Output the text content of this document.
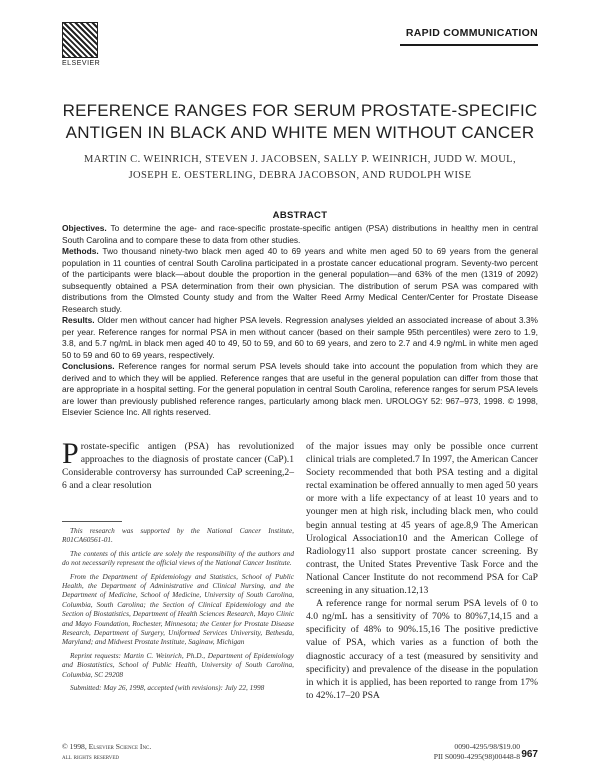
ELSEVIER
RAPID COMMUNICATION
REFERENCE RANGES FOR SERUM PROSTATE-SPECIFIC
ANTIGEN IN BLACK AND WHITE MEN WITHOUT CANCER
MARTIN C. WEINRICH, STEVEN J. JACOBSEN, SALLY P. WEINRICH, JUDD W. MOUL,
JOSEPH E. OESTERLING, DEBRA JACOBSON, AND RUDOLPH WISE
ABSTRACT

Objectives. To determine the age- and race-specific prostate-specific antigen (PSA) distributions in healthy men in central South Carolina and to compare these to data from other studies.

Methods. Two thousand ninety-two black men aged 40 to 69 years and white men aged 50 to 69 years from the general population in 11 counties of central South Carolina participated in a prostate cancer educational program. Seventy-two percent of the participants were black—about double the proportion in the general population—and 63% of the men (1319 of 2092) subsequently obtained a PSA determination from their own physician. The distribution of serum PSA was compared with distributions from the Olmsted County study and from the Walter Reed Army Medical Center/Center for Prostate Disease Research study.

Results. Older men without cancer had higher PSA levels. Regression analyses yielded an associated increase of about 3.3% per year. Reference ranges for normal PSA in men without cancer (based on their sample 95th percentiles) were zero to 1.9, 3.8, and 5.7 ng/mL in black men aged 40 to 49, 50 to 59, and 60 to 69 years, and zero to 2.7 and 4.9 ng/mL in white men aged 50 to 59 and 60 to 69 years, respectively.

Conclusions. Reference ranges for normal serum PSA levels should take into account the population from which they are derived and to which they will be applied. Reference ranges that are useful in the general population can differ from those that are appropriate in a hospital setting. For the general population in central South Carolina, reference ranges for serum PSA levels are lower than previously published reference ranges, particularly among black men. UROLOGY 52: 967–973, 1998. © 1998, Elsevier Science Inc. All rights reserved.

Prostate-specific antigen (PSA) has revolutionized approaches to the diagnosis of prostate cancer (CaP).1 Considerable controversy has surrounded CaP screening,2–6 and a clear resolution

This research was supported by the National Cancer Institute, R01CA60561-01.

The contents of this article are solely the responsibility of the authors and do not necessarily represent the official views of the National Cancer Institute.

From the Department of Epidemiology and Statistics, School of Public Health, the Department of Administrative and Clinical Nursing, and the Department of Medicine, School of Medicine, University of South Carolina, Columbia, South Carolina; the Section of Clinical Epidemiology and the Section of Biostatistics, Department of Health Sciences Research, Mayo Clinic and Mayo Foundation, Rochester, Minnesota; the Center for Prostate Disease Research, Department of Surgery, Uniformed Services University, Bethesda, Maryland; and Midwest Prostate Institute, Saginaw, Michigan

Reprint requests: Martin C. Weinrich, Ph.D., Department of Epidemiology and Biostatistics, School of Public Health, University of South Carolina, Columbia, SC 29208

Submitted: May 26, 1998, accepted (with revisions): July 22, 1998

of the major issues may only be possible once current clinical trials are completed.7 In 1997, the American Cancer Society recommended that both PSA testing and a digital rectal examination be offered annually to men aged 50 years or more with a life expectancy of at least 10 years and to younger men at high risk, including black men, who could begin annual testing at 45 years of age.8,9 The American Urological Association10 and the American College of Radiology11 also support prostate cancer screening. By contrast, the United States Preventive Task Force and the National Cancer Institute do not recommend PSA for CaP screening in any situation.12,13

A reference range for normal serum PSA levels of 0 to 4.0 ng/mL has a sensitivity of 70% to 80%7,14,15 and a specificity of 48% to 90%.15,16 The positive predictive value of PSA, which varies as a function of both the diagnostic accuracy of a test (measured by sensitivity and specificity) and prevalence of the disease in the population in which it is applied, has been reported to range from 17% to 42%.17–20 PSA

© 1998, Elsevier Science Inc.
all rights reserved
0090-4295/98/$19.00
PII S0090-4295(98)00448-8 967
